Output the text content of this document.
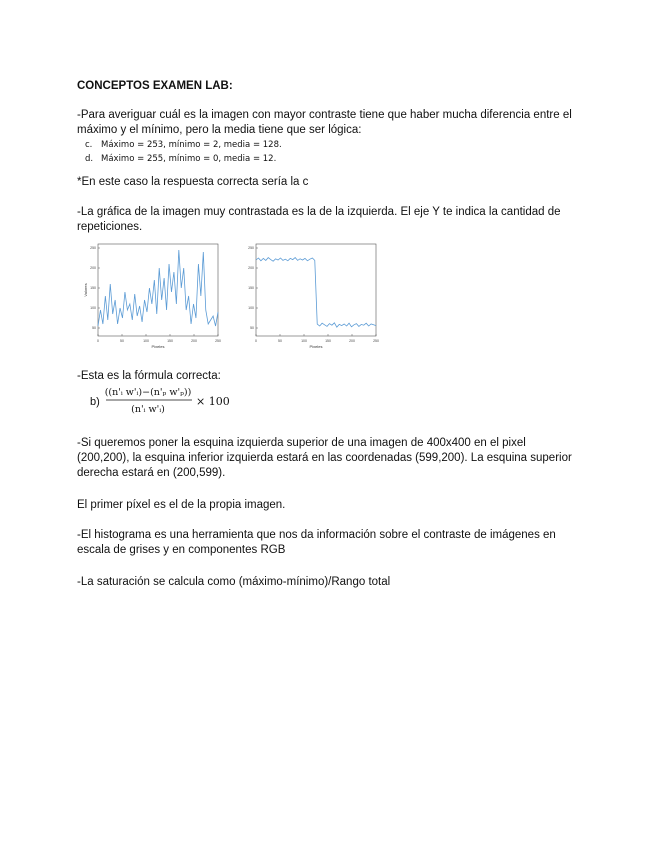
CONCEPTOS EXAMEN LAB:

-Para averiguar cuál es la imagen con mayor contraste tiene que haber mucha diferencia entre el máximo y el mínimo, pero la media tiene que ser lógica:

c. Máximo = 253, mínimo = 2, media = 128.
d. Máximo = 255, mínimo = 0, media = 12.

*En este caso la respuesta correcta sería la c

-La gráfica de la imagen muy contrastada es la de la izquierda. El eje Y te indica la cantidad de repeticiones.

0	50	100	150	200	250
50
100
150
200
250
Pixeles
Valores
0	50	100	150	200	250
50
100
150
200
250
Pixeles

-Esta es la fórmula correcta:

b)
((n'ᵢ w'ᵢ)−(n'ₚ w'ₚ))
(n'ᵢ w'ᵢ)
× 100

-Si queremos poner la esquina izquierda superior de una imagen de 400x400 en el pixel (200,200), la esquina inferior izquierda estará en las coordenadas (599,200). La esquina superior derecha estará en (200,599).

El primer píxel es el de la propia imagen.

-El histograma es una herramienta que nos da información sobre el contraste de imágenes en escala de grises y en componentes RGB

-La saturación se calcula como (máximo-mínimo)/Rango total
